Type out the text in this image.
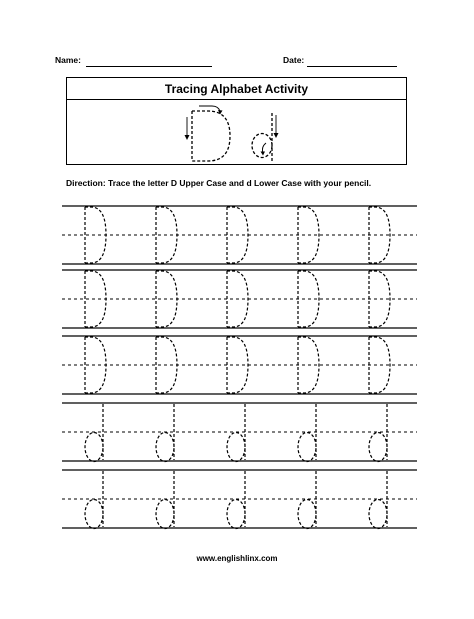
Name:	Date:
Tracing Alphabet Activity
Direction: Trace the letter D Upper Case and d Lower Case with your pencil.
www.englishlinx.com
